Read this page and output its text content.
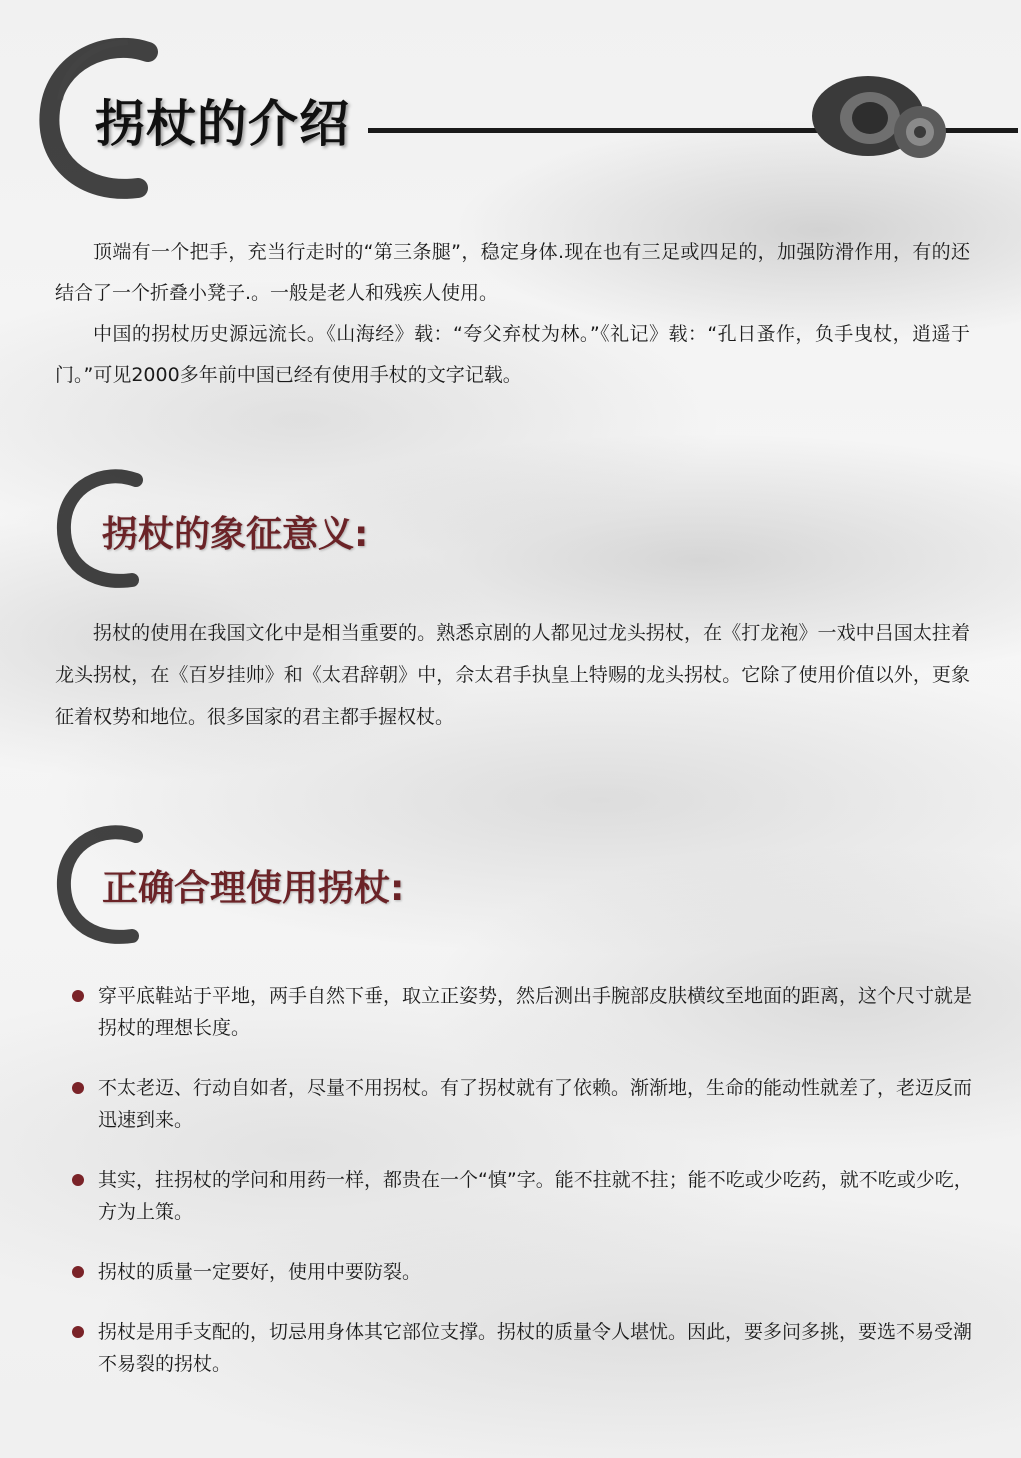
拐杖的介绍

顶端有一个把手，充当行走时的“第三条腿”，稳定身体.现在也有三足或四足的，加强防滑作用，有的还结合了一个折叠小凳子.。一般是老人和残疾人使用。

中国的拐杖历史源远流长。《山海经》载：“夸父弃杖为林。”《礼记》载：“孔日蚤作，负手曳杖，逍遥于门。”可见2000多年前中国已经有使用手杖的文字记载。

拐杖的象征意义:

拐杖的使用在我国文化中是相当重要的。熟悉京剧的人都见过龙头拐杖，在《打龙袍》一戏中吕国太拄着龙头拐杖，在《百岁挂帅》和《太君辞朝》中，佘太君手执皇上特赐的龙头拐杖。它除了使用价值以外，更象征着权势和地位。很多国家的君主都手握权杖。

正确合理使用拐杖:
穿平底鞋站于平地，两手自然下垂，取立正姿势，然后测出手腕部皮肤横纹至地面的距离，这个尺寸就是拐杖的理想长度。
不太老迈、行动自如者，尽量不用拐杖。有了拐杖就有了依赖。渐渐地，生命的能动性就差了，老迈反而迅速到来。
其实，拄拐杖的学问和用药一样，都贵在一个“慎”字。能不拄就不拄；能不吃或少吃药，就不吃或少吃，方为上策。
拐杖的质量一定要好，使用中要防裂。
拐杖是用手支配的，切忌用身体其它部位支撑。拐杖的质量令人堪忧。因此，要多问多挑，要选不易受潮不易裂的拐杖。
